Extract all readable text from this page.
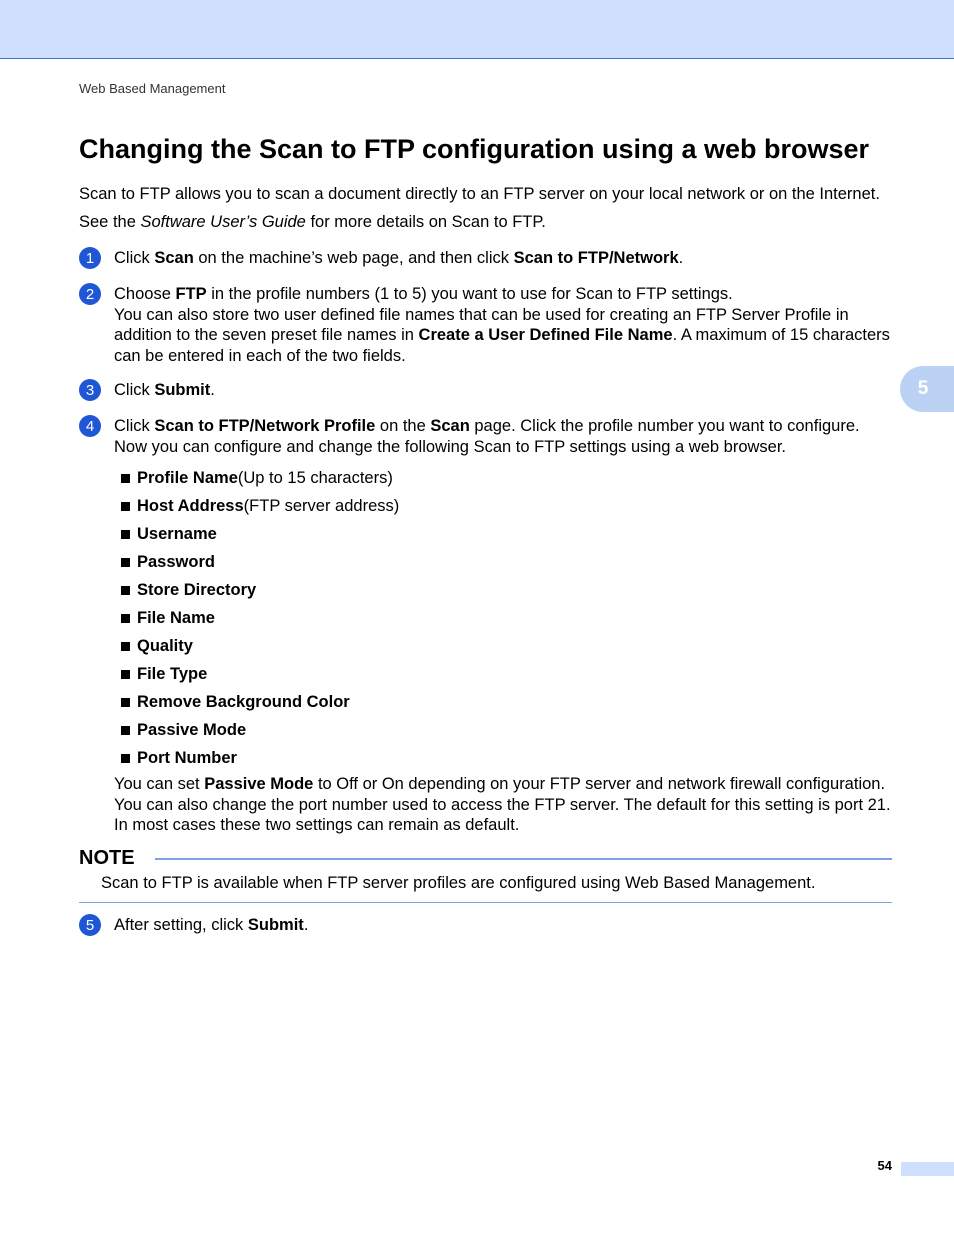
Web Based Management
5
Changing the Scan to FTP configuration using a web browser
Scan to FTP allows you to scan a document directly to an FTP server on your local network or on the Internet.
See the Software User’s Guide for more details on Scan to FTP.
1	Click Scan on the machine’s web page, and then click Scan to FTP/Network.
2	Choose FTP in the profile numbers (1 to 5) you want to use for Scan to FTP settings.
You can also store two user defined file names that can be used for creating an FTP Server Profile in addition to the seven preset file names in Create a User Defined File Name. A maximum of 15 characters can be entered in each of the two fields.
3	Click Submit.
4	Click Scan to FTP/Network Profile on the Scan page. Click the profile number you want to configure.
Now you can configure and change the following Scan to FTP settings using a web browser.
Profile Name (Up to 15 characters)
Host Address (FTP server address)
Username
Password
Store Directory
File Name
Quality
File Type
Remove Background Color
Passive Mode
Port Number
You can set Passive Mode to Off or On depending on your FTP server and network firewall configuration. You can also change the port number used to access the FTP server. The default for this setting is port 21. In most cases these two settings can remain as default.
NOTE
Scan to FTP is available when FTP server profiles are configured using Web Based Management.
5	After setting, click Submit.
54
